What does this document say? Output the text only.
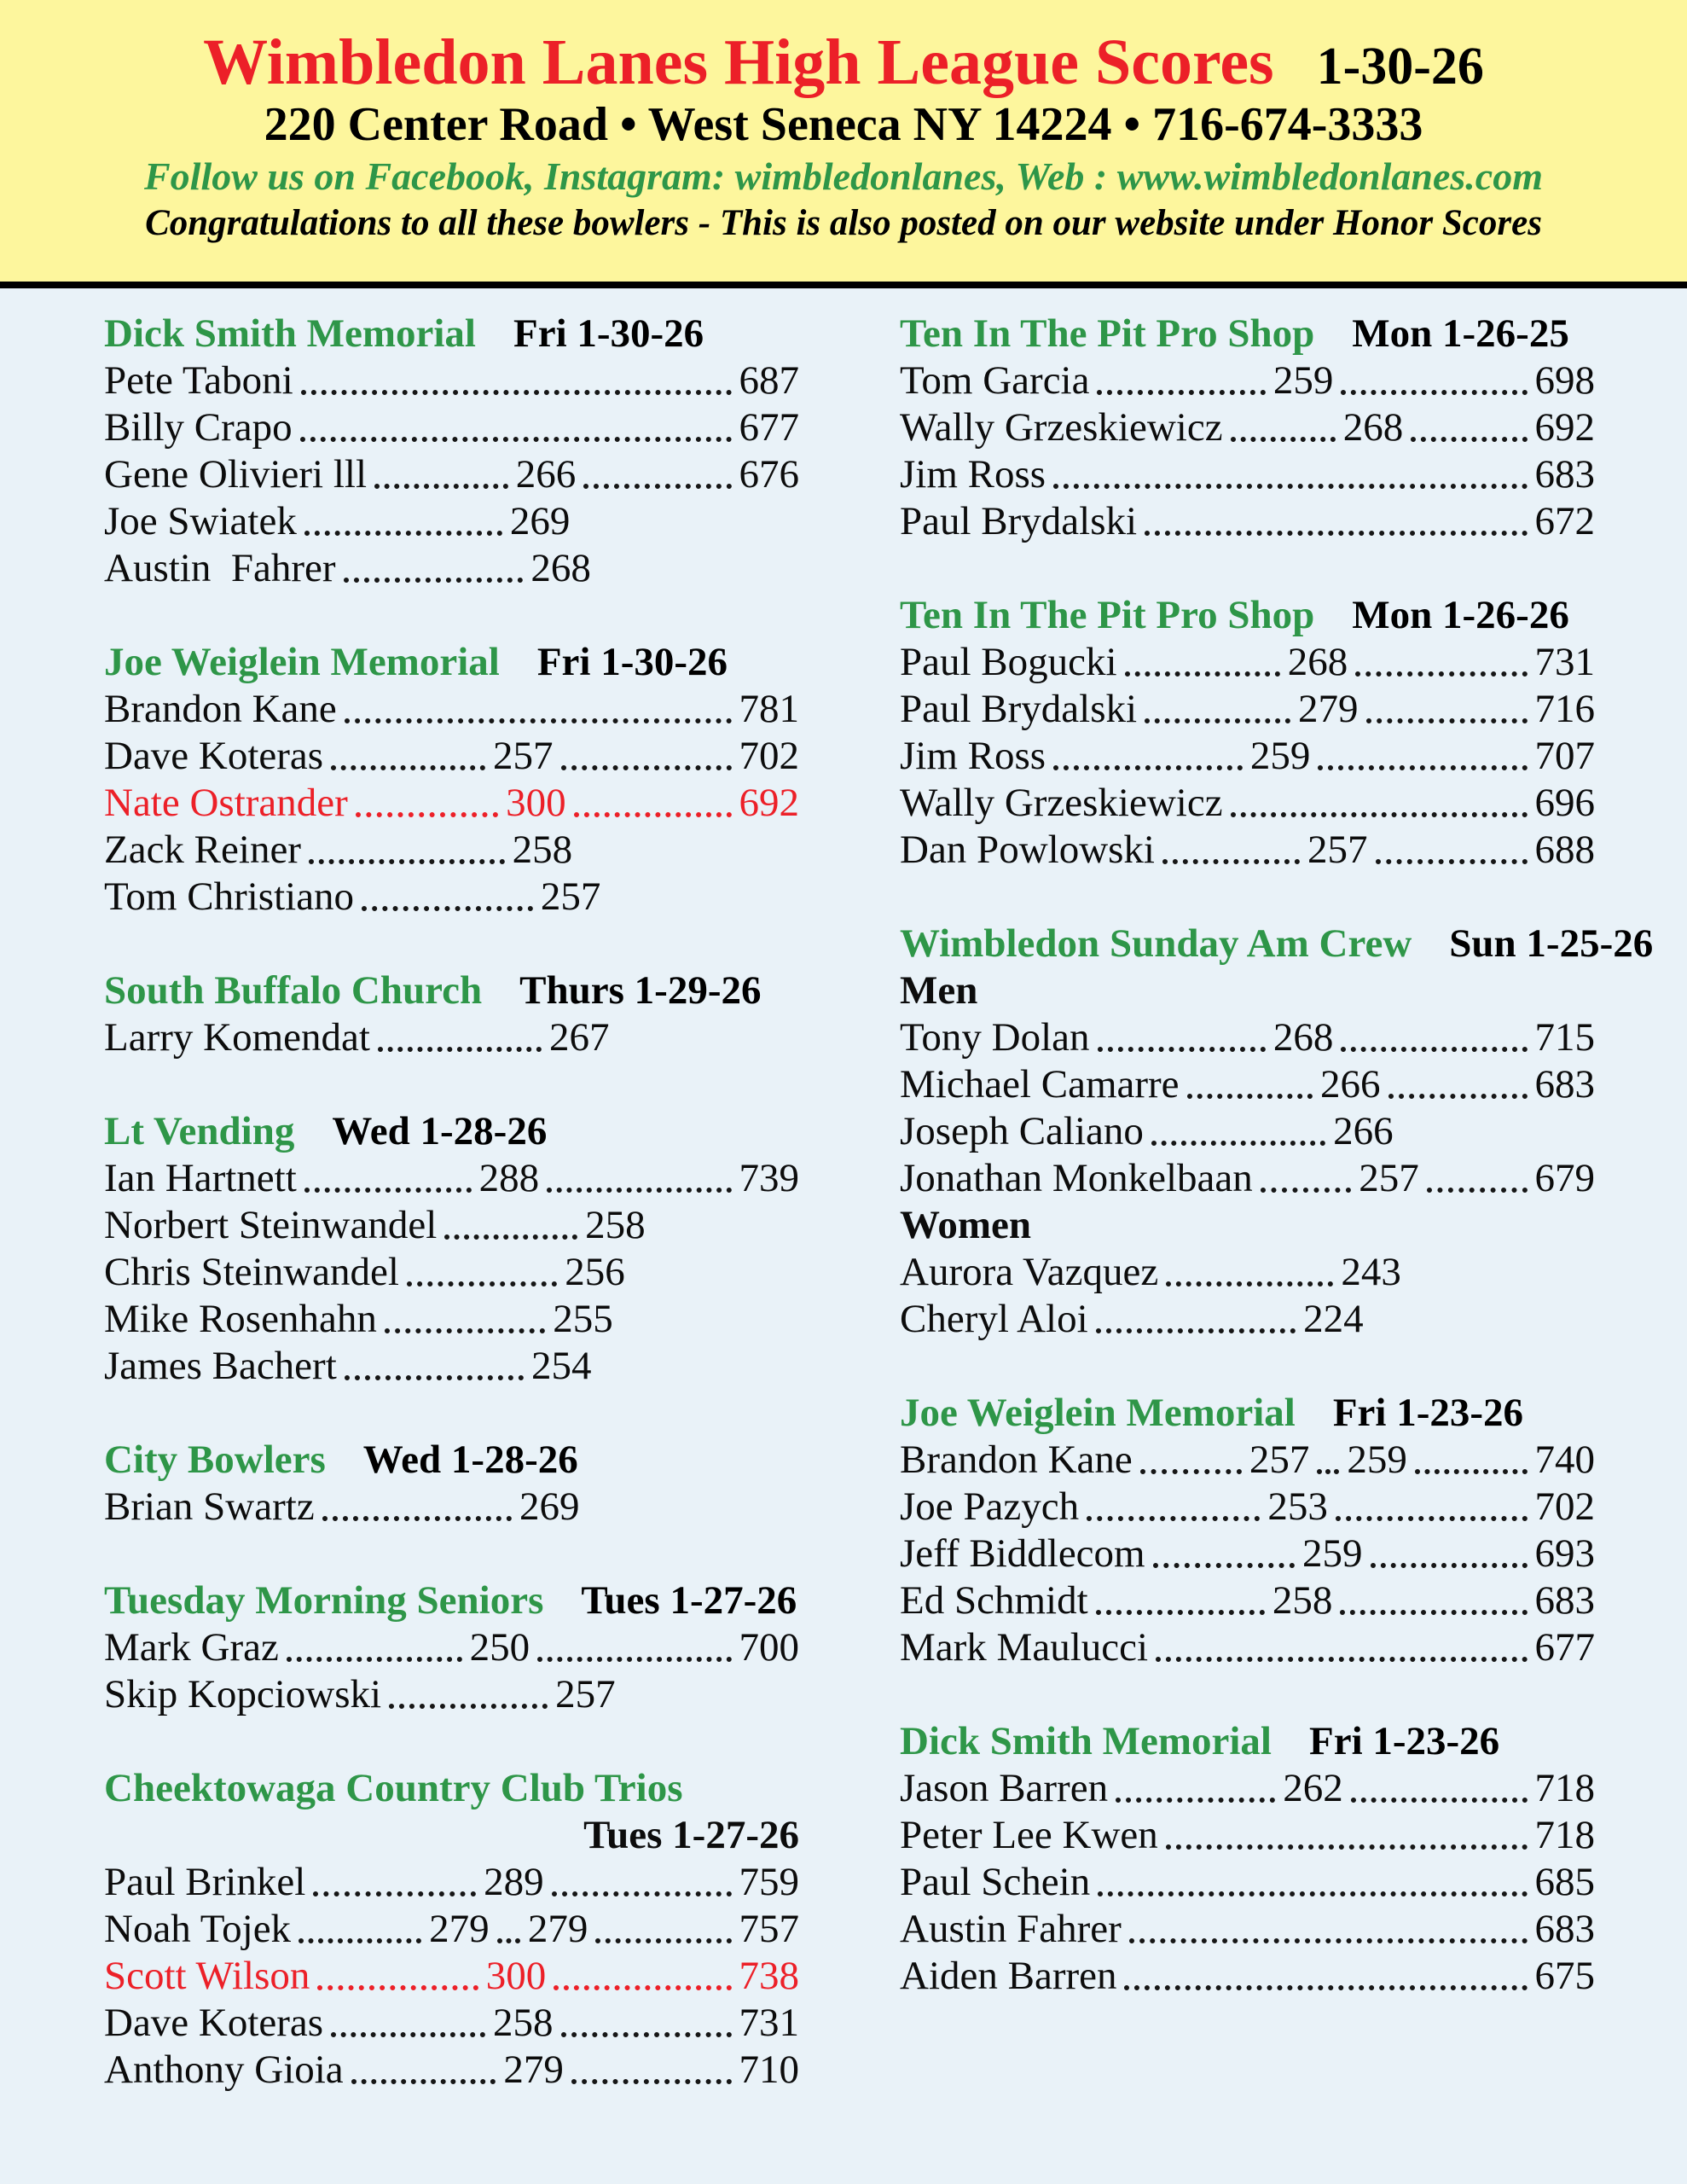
Wimbledon Lanes High League Scores 1-30-26
220 Center Road • West Seneca NY 14224 • 716-674-3333
Follow us on Facebook, Instagram: wimbledonlanes, Web : www.wimbledonlanes.com
Congratulations to all these bowlers - This is also posted on our website under Honor Scores
Dick Smith Memorial Fri 1-30-26
Pete Taboni	687
Billy Crapo	677
Gene Olivieri lll	266	676
Joe Swiatek	269
Austin  Fahrer	268
Joe Weiglein Memorial Fri 1-30-26
Brandon Kane	781
Dave Koteras	257	702
Nate Ostrander	300	692
Zack Reiner	258
Tom Christiano	257
South Buffalo Church Thurs 1-29-26
Larry Komendat	267
Lt Vending Wed 1-28-26
Ian Hartnett	288	739
Norbert Steinwandel	258
Chris Steinwandel	256
Mike Rosenhahn	255
James Bachert	254
City Bowlers Wed 1-28-26
Brian Swartz	269
Tuesday Morning Seniors Tues 1-27-26
Mark Graz	250	700
Skip Kopciowski	257
Cheektowaga Country Club Trios
Tues 1-27-26
Paul Brinkel	289	759
Noah Tojek	279 279	757
Scott Wilson	300	738
Dave Koteras	258	731
Anthony Gioia	279	710
Ten In The Pit Pro Shop Mon 1-26-25
Tom Garcia	259	698
Wally Grzeskiewicz	268	692
Jim Ross	683
Paul Brydalski	672
Ten In The Pit Pro Shop Mon 1-26-26
Paul Bogucki	268	731
Paul Brydalski	279	716
Jim Ross	259	707
Wally Grzeskiewicz	696
Dan Powlowski	257	688
Wimbledon Sunday Am Crew Sun 1-25-26
Men
Tony Dolan	268	715
Michael Camarre	266	683
Joseph Caliano	266
Jonathan Monkelbaan	257	679
Women
Aurora Vazquez	243
Cheryl Aloi	224
Joe Weiglein Memorial Fri 1-23-26
Brandon Kane	257 259	740
Joe Pazych	253	702
Jeff Biddlecom	259	693
Ed Schmidt	258	683
Mark Maulucci	677
Dick Smith Memorial Fri 1-23-26
Jason Barren	262	718
Peter Lee Kwen	718
Paul Schein	685
Austin Fahrer	683
Aiden Barren	675
